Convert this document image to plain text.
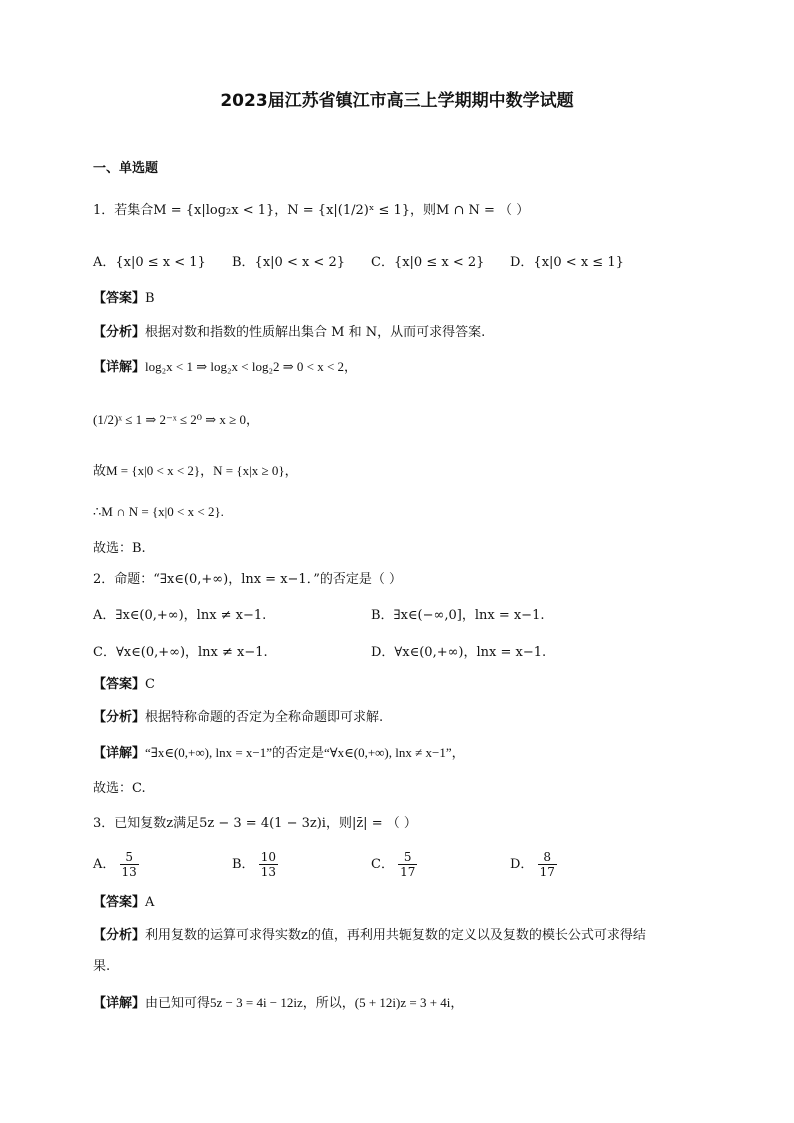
2023届江苏省镇江市高三上学期期中数学试题
一、单选题
1．若集合M = {x|log₂x < 1}，N = {x|(1/2)ˣ ≤ 1}，则M ∩ N = （ ）
A．{x|0 ≤ x < 1} B．{x|0 < x < 2} C．{x|0 ≤ x < 2} D．{x|0 < x ≤ 1}
【答案】B
【分析】根据对数和指数的性质解出集合 M 和 N，从而可求得答案.
【详解】log₂x < 1 ⇒ log₂x < log₂2 ⇒ 0 < x < 2，
(1/2)ˣ ≤ 1 ⇒ 2⁻ˣ ≤ 2⁰ ⇒ x ≥ 0，
故M = {x|0 < x < 2}，N = {x|x ≥ 0}，
∴M ∩ N = {x|0 < x < 2}.
故选：B.
2．命题：“∃x∈(0,+∞)，lnx = x−1．”的否定是（ ）
A．∃x∈(0,+∞)，lnx ≠ x−1.	B．∃x∈(−∞,0]，lnx = x−1.
C．∀x∈(0,+∞)，lnx ≠ x−1.	D．∀x∈(0,+∞)，lnx = x−1.
【答案】C
【分析】根据特称命题的否定为全称命题即可求解.
【详解】“∃x∈(0,+∞), lnx = x−1”的否定是“∀x∈(0,+∞), lnx ≠ x−1”，
故选：C.
3．已知复数z满足5z − 3 = 4(1 − 3z)i，则|z̄| = （ ）
A． $\frac{5}{13}$	B． $\frac{10}{13}$	C． $\frac{5}{17}$	D． $\frac{8}{17}$
【答案】A
【分析】利用复数的运算可求得实数z的值，再利用共轭复数的定义以及复数的模长公式可求得结
果.
【详解】由已知可得5z − 3 = 4i − 12iz，所以，(5 + 12i)z = 3 + 4i，
